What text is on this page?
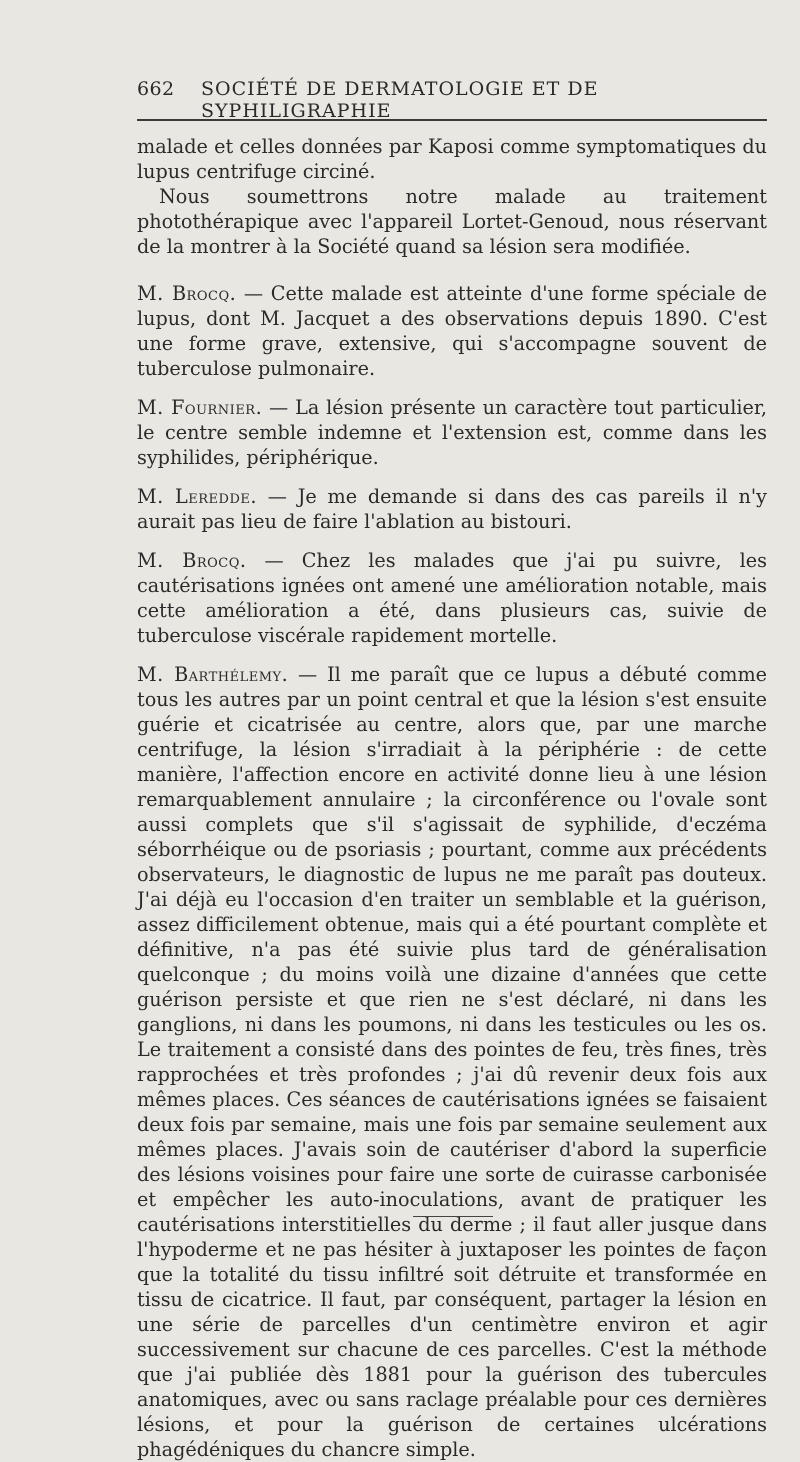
662	SOCIÉTÉ DE DERMATOLOGIE ET DE SYPHILIGRAPHIE

malade et celles données par Kaposi comme symptomatiques du lupus centrifuge circiné.

Nous soumettrons notre malade au traitement photothérapique avec l'appareil Lortet-Genoud, nous réservant de la montrer à la Société quand sa lésion sera modifiée.

M. Brocq. — Cette malade est atteinte d'une forme spéciale de lupus, dont M. Jacquet a des observations depuis 1890. C'est une forme grave, extensive, qui s'accompagne souvent de tuberculose pulmonaire.

M. Fournier. — La lésion présente un caractère tout particulier, le centre semble indemne et l'extension est, comme dans les syphilides, périphérique.

M. Leredde. — Je me demande si dans des cas pareils il n'y aurait pas lieu de faire l'ablation au bistouri.

M. Brocq. — Chez les malades que j'ai pu suivre, les cautérisations ignées ont amené une amélioration notable, mais cette amélioration a été, dans plusieurs cas, suivie de tuberculose viscérale rapidement mortelle.

M. Barthélemy. — Il me paraît que ce lupus a débuté comme tous les autres par un point central et que la lésion s'est ensuite guérie et cicatrisée au centre, alors que, par une marche centrifuge, la lésion s'irradiait à la périphérie : de cette manière, l'affection encore en activité donne lieu à une lésion remarquablement annulaire ; la circonférence ou l'ovale sont aussi complets que s'il s'agissait de syphilide, d'eczéma séborrhéique ou de psoriasis ; pourtant, comme aux précédents observateurs, le diagnostic de lupus ne me paraît pas douteux. J'ai déjà eu l'occasion d'en traiter un semblable et la guérison, assez difficilement obtenue, mais qui a été pourtant complète et définitive, n'a pas été suivie plus tard de généralisation quelconque ; du moins voilà une dizaine d'années que cette guérison persiste et que rien ne s'est déclaré, ni dans les ganglions, ni dans les poumons, ni dans les testicules ou les os. Le traitement a consisté dans des pointes de feu, très fines, très rapprochées et très profondes ; j'ai dû revenir deux fois aux mêmes places. Ces séances de cautérisations ignées se faisaient deux fois par semaine, mais une fois par semaine seulement aux mêmes places. J'avais soin de cautériser d'abord la superficie des lésions voisines pour faire une sorte de cuirasse carbonisée et empêcher les auto-inoculations, avant de pratiquer les cautérisations interstitielles du derme ; il faut aller jusque dans l'hypoderme et ne pas hésiter à juxtaposer les pointes de façon que la totalité du tissu infiltré soit détruite et transformée en tissu de cicatrice. Il faut, par conséquent, partager la lésion en une série de parcelles d'un centimètre environ et agir successivement sur chacune de ces parcelles. C'est la méthode que j'ai publiée dès 1881 pour la guérison des tubercules anatomiques, avec ou sans raclage préalable pour ces dernières lésions, et pour la guérison de certaines ulcérations phagédéniques du chancre simple.
